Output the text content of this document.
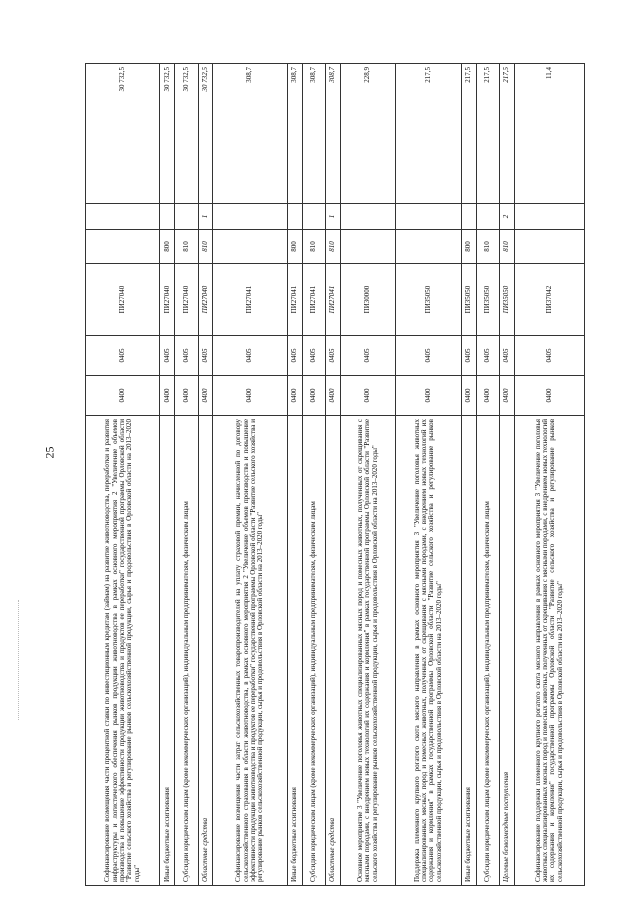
25	Софинансирование возмещения части процентной ставки по инвестиционным кредитам (займам) на развитие животноводства, переработки и развития инфраструктуры и логистического обеспечения рынков продукции животноводства в рамках основного мероприятия 2 "Увеличение объемов производства и повышение эффективности продукции животноводства и продуктов ее переработки" государственной программы Орловской области "Развитие сельского хозяйства и регулирование рынков сельскохозяйственной продукции, сырья и продовольствия в Орловской области на 2013–2020 годы"	0400	0405	ПИ27040			30 732,5
Иные бюджетные ассигнования	0400	0405	ПИ27040	800		30 732,5
Субсидии юридическим лицам (кроме некоммерческих организаций), индивидуальным предпринимателям, физическим лицам	0400	0405	ПИ27040	810		30 732,5
Областные средства	0400	0405	ПИ27040	810	1	30 732,5
Софинансирование возмещения части затрат сельскохозяйственных товаропроизводителей на уплату страховой премии, начисленной по договору сельскохозяйственного страхования в области животноводства, в рамках основного мероприятия 2 "Увеличение объемов производства и повышение эффективности продукции животноводства и продуктов ее переработки" государственной программы Орловской области "Развитие сельского хозяйства и регулирование рынков сельскохозяйственной продукции, сырья и продовольствия в Орловской области на 2013–2020 годы"	0400	0405	ПИ27041			308,7
Иные бюджетные ассигнования	0400	0405	ПИ27041	800		308,7
Субсидии юридическим лицам (кроме некоммерческих организаций), индивидуальным предпринимателям, физическим лицам	0400	0405	ПИ27041	810		308,7
Областные средства	0400	0405	ПИ27041	810	1	308,7
Основное мероприятие 3 "Увеличение поголовья животных специализированных мясных пород и помесных животных, полученных от скрещивания с мясными породами, с внедрением новых технологий их содержания и кормления" в рамках государственной программы Орловской области "Развитие сельского хозяйства и регулирование рынков сельскохозяйственной продукции, сырья и продовольствия в Орловской области на 2013–2020 годы"	0400	0405	ПИ30000			228,9
Поддержка племенного крупного рогатого скота мясного направления в рамках основного мероприятия 3 "Увеличение поголовья животных специализированных мясных пород и помесных животных, полученных от скрещивания с мясными породами, с внедрением новых технологий их содержания и кормления" в рамках государственной программы Орловской области "Развитие сельского хозяйства и регулирование рынков сельскохозяйственной продукции, сырья и продовольствия в Орловской области на 2013–2020 годы"	0400	0405	ПИ35050			217,5
Иные бюджетные ассигнования	0400	0405	ПИ35050	800		217,5
Субсидии юридическим лицам (кроме некоммерческих организаций), индивидуальным предпринимателям, физическим лицам	0400	0405	ПИ35050	810		217,5
Целевые безвозмездные поступления	0400	0405	ПИ35050	810	2	217,5
Софинансирование поддержки племенного крупного рогатого скота мясного направления в рамках основного мероприятия 3 "Увеличение поголовья животных специализированных мясных пород и помесных животных, полученных от скрещивания с мясными породами, с внедрением новых технологий их содержания и кормления" государственной программы Орловской области "Развитие сельского хозяйства и регулирование рынков сельскохозяйственной продукции, сырья и продовольствия в Орловской области на 2013–2020 годы"	0400	0405	ПИ37042			11,4
